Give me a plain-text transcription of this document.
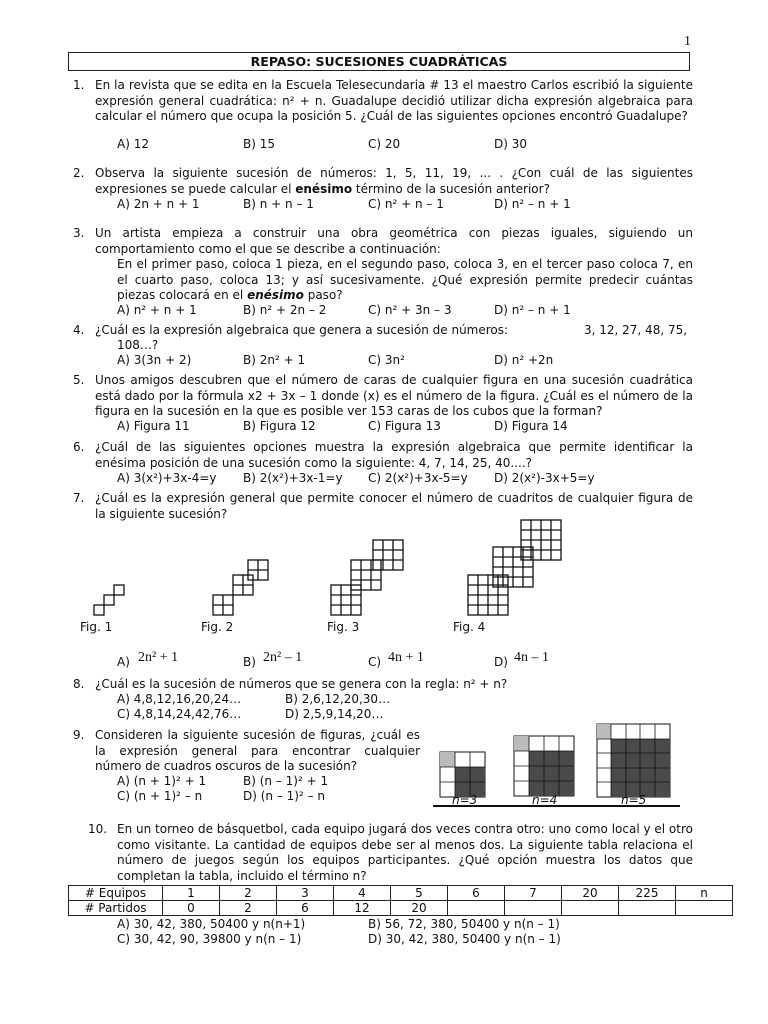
1
REPASO: SUCESIONES CUADRÁTICAS
1. En la revista que se edita en la Escuela Telesecundaria # 13 el maestro Carlos escribió la siguiente expresión general cuadrática: n² + n. Guadalupe decidió utilizar dicha expresión algebraica para calcular el número que ocupa la posición 5. ¿Cuál de las siguientes opciones encontró Guadalupe?
A) 12	B) 15	C) 20	D) 30
2. Observa la siguiente sucesión de números: 1, 5, 11, 19, ... . ¿Con cuál de las siguientes expresiones se puede calcular el enésimo término de la sucesión anterior?
A) 2n + n + 1	B) n + n – 1	C) n² + n – 1	D) n² – n + 1
3. Un artista empieza a construir una obra geométrica con piezas iguales, siguiendo un comportamiento como el que se describe a continuación:
En el primer paso, coloca 1 pieza, en el segundo paso, coloca 3, en el tercer paso coloca 7, en el cuarto paso, coloca 13; y así sucesivamente. ¿Qué expresión permite predecir cuántas piezas colocará en el enésimo paso?
A) n² + n + 1	B) n² + 2n – 2	C) n² + 3n – 3	D) n² – n + 1
4. ¿Cuál es la expresión algebraica que genera a sucesión de números:	3, 12, 27, 48, 75,
108…?
A) 3(3n + 2)	B) 2n² + 1	C) 3n²	D) n² +2n
5. Unos amigos descubren que el número de caras de cualquier figura en una sucesión cuadrática está dado por la fórmula x2 + 3x – 1 donde (x) es el número de la figura. ¿Cuál es el número de la figura en la sucesión en la que es posible ver 153 caras de los cubos que la forman?
A) Figura 11	B) Figura 12	C) Figura 13	D) Figura 14
6. ¿Cuál de las siguientes opciones muestra la expresión algebraica que permite identificar la enésima posición de una sucesión como la siguiente: 4, 7, 14, 25, 40....?
A) 3(x²)+3x-4=y B) 2(x²)+3x-1=y C) 2(x²)+3x-5=y D) 2(x²)-3x+5=y
7. ¿Cuál es la expresión general que permite conocer el número de cuadritos de cualquier figura de la siguiente sucesión?
Fig. 1	Fig. 2	Fig. 3	Fig. 4
A) 2n² + 1	B) 2n² – 1	C) 4n + 1	D) 4n – 1
8. ¿Cuál es la sucesión de números que se genera con la regla: n² + n?
A) 4,8,12,16,20,24…	B) 2,6,12,20,30…
C) 4,8,14,24,42,76…	D) 2,5,9,14,20…
9. Consideren la siguiente sucesión de figuras, ¿cuál es la expresión general para encontrar cualquier número de cuadros oscuros de la sucesión?
A) (n + 1)² + 1	B) (n – 1)² + 1
C) (n + 1)² – n	D) (n – 1)² – n	n=3	n=4	n=5
10. En un torneo de básquetbol, cada equipo jugará dos veces contra otro: uno como local y el otro como visitante. La cantidad de equipos debe ser al menos dos. La siguiente tabla relaciona el número de juegos según los equipos participantes. ¿Qué opción muestra los datos que completan la tabla, incluido el término n?
# Equipos	1	2	3	4	5	6	7	20	225	n
# Partidos	0	2	6	12	20					
A) 30, 42, 380, 50400 y n(n+1)	B) 56, 72, 380, 50400 y n(n – 1)
C) 30, 42, 90, 39800 y n(n – 1)	D) 30, 42, 380, 50400 y n(n – 1)
